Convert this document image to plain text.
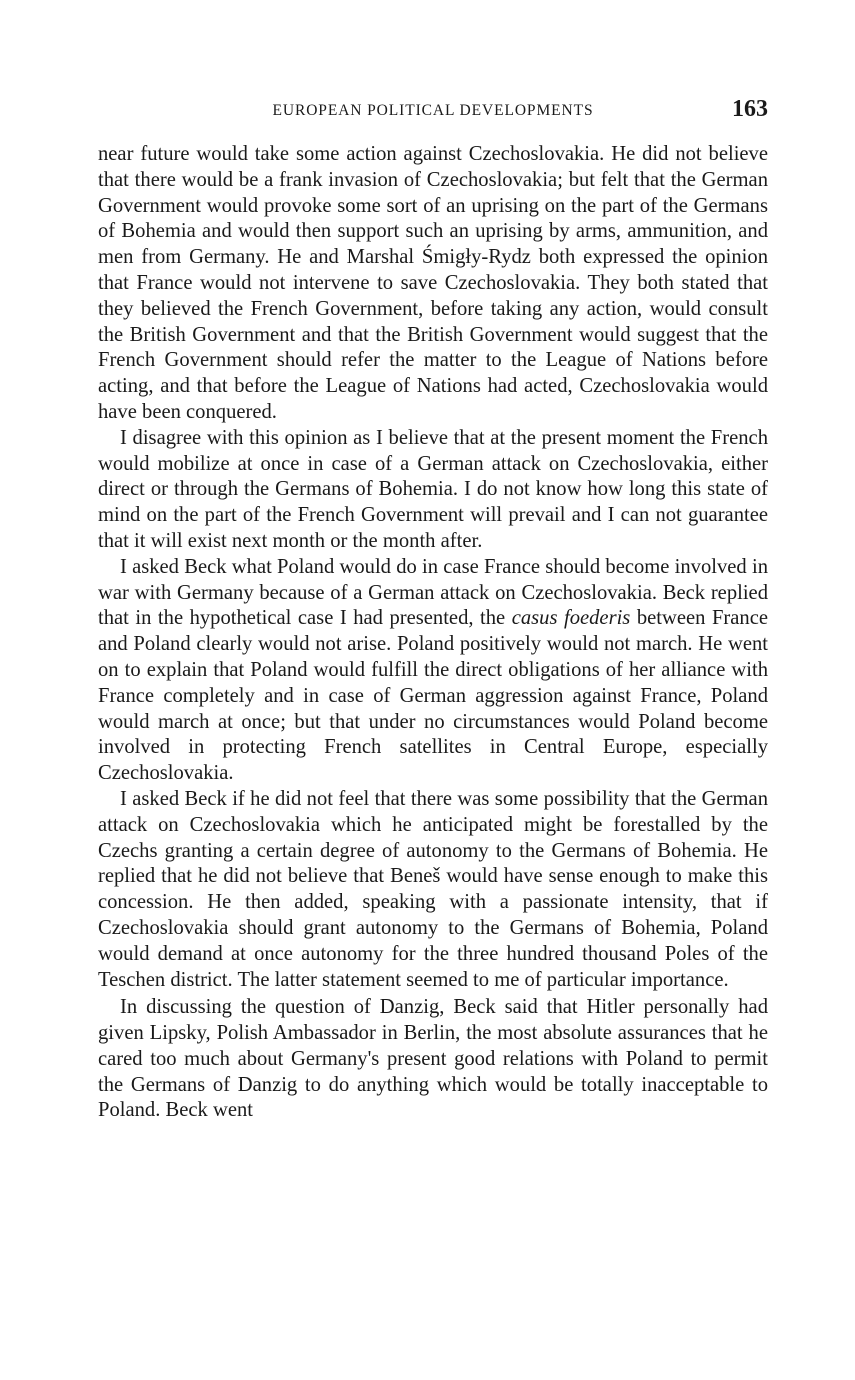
EUROPEAN POLITICAL DEVELOPMENTS	163

near future would take some action against Czechoslovakia. He did not believe that there would be a frank invasion of Czechoslovakia; but felt that the German Government would provoke some sort of an uprising on the part of the Germans of Bohemia and would then support such an uprising by arms, ammunition, and men from Germany. He and Marshal Śmigły-Rydz both expressed the opinion that France would not intervene to save Czechoslovakia. They both stated that they believed the French Government, before taking any action, would consult the British Government and that the British Government would suggest that the French Government should refer the matter to the League of Nations before acting, and that before the League of Nations had acted, Czechoslovakia would have been conquered.

I disagree with this opinion as I believe that at the present moment the French would mobilize at once in case of a German attack on Czechoslovakia, either direct or through the Germans of Bohemia. I do not know how long this state of mind on the part of the French Government will prevail and I can not guarantee that it will exist next month or the month after.

I asked Beck what Poland would do in case France should become involved in war with Germany because of a German attack on Czechoslovakia. Beck replied that in the hypothetical case I had presented, the casus foederis between France and Poland clearly would not arise. Poland positively would not march. He went on to explain that Poland would fulfill the direct obligations of her alliance with France completely and in case of German aggression against France, Poland would march at once; but that under no circumstances would Poland become involved in protecting French satellites in Central Europe, especially Czechoslovakia.

I asked Beck if he did not feel that there was some possibility that the German attack on Czechoslovakia which he anticipated might be forestalled by the Czechs granting a certain degree of autonomy to the Germans of Bohemia. He replied that he did not believe that Beneš would have sense enough to make this concession. He then added, speaking with a passionate intensity, that if Czechoslovakia should grant autonomy to the Germans of Bohemia, Poland would demand at once autonomy for the three hundred thousand Poles of the Teschen district. The latter statement seemed to me of particular importance.

In discussing the question of Danzig, Beck said that Hitler personally had given Lipsky, Polish Ambassador in Berlin, the most absolute assurances that he cared too much about Germany's present good relations with Poland to permit the Germans of Danzig to do anything which would be totally inacceptable to Poland. Beck went
